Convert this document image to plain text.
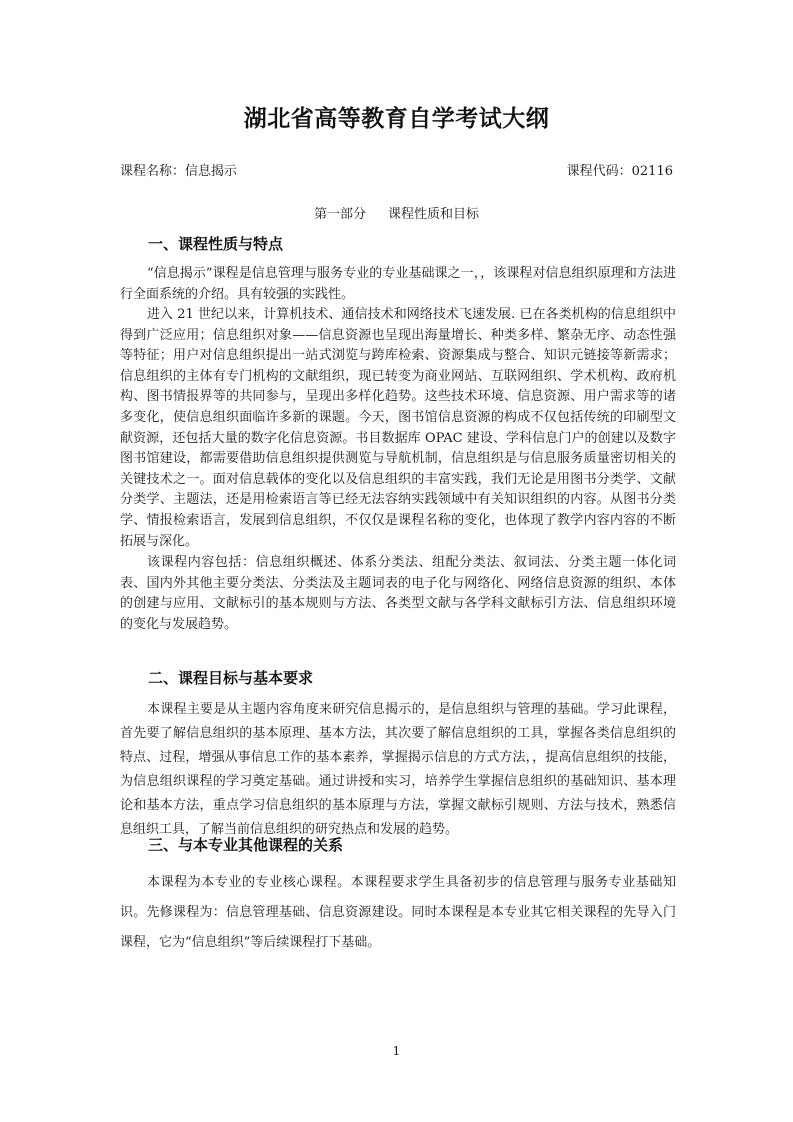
湖北省高等教育自学考试大纲
课程名称：信息揭示	课程代码：02116
第一部分 课程性质和目标
一、课程性质与特点

“信息揭示”课程是信息管理与服务专业的专业基础课之一，，该课程对信息组织原理和方法进行全面系统的介绍。具有较强的实践性。

进入 21 世纪以来，计算机技术、通信技术和网络技术飞速发展. 已在各类机构的信息组织中得到广泛应用；信息组织对象——信息资源也呈现出海量增长、种类多样、繁杂无序、动态性强等特征；用户对信息组织提出一站式浏览与跨库检索、资源集成与整合、知识元链接等新需求；信息组织的主体有专门机构的文献组织，现已转变为商业网站、互联网组织、学术机构、政府机构、图书情报界等的共同参与，呈现出多样化趋势。这些技术环境、信息资源、用户需求等的诸多变化，使信息组织面临许多新的课题。今天，图书馆信息资源的构成不仅包括传统的印刷型文献资源，还包括大量的数字化信息资源。书目数据库 OPAC 建设、学科信息门户的创建以及数字图书馆建设，都需要借助信息组织提供测览与导航机制，信息组织是与信息服务质量密切相关的关键技术之一。面对信息载体的变化以及信息组织的丰富实践，我们无论是用图书分类学、文献分类学、主题法，还是用检索语言等已经无法容纳实践领域中有关知识组织的内容。从图书分类学、情报检索语言，发展到信息组织，不仅仅是课程名称的变化，也体现了教学内容内容的不断拓展与深化。

该课程内容包括：信息组织概述、体系分类法、组配分类法、叙词法、分类主题一体化词表、国内外其他主要分类法、分类法及主题词表的电子化与网络化、网络信息资源的组织、本体的创建与应用、文献标引的基本规则与方法、各类型文献与各学科文献标引方法、信息组织环境的变化与发展趋势。

二、课程目标与基本要求

本课程主要是从主题内容角度来研究信息揭示的，是信息组织与管理的基础。学习此课程，首先要了解信息组织的基本原理、基本方法，其次要了解信息组织的工具，掌握各类信息组织的特点、过程，增强从事信息工作的基本素养，掌握揭示信息的方式方法，，提高信息组织的技能，为信息组织课程的学习奠定基础。通过讲授和实习，培养学生掌握信息组织的基础知识、基本理论和基本方法，重点学习信息组织的基本原理与方法，掌握文献标引规则、方法与技术，熟悉信息组织工具，了解当前信息组织的研究热点和发展的趋势。

三、与本专业其他课程的关系

本课程为本专业的专业核心课程。本课程要求学生具备初步的信息管理与服务专业基础知识。先修课程为：信息管理基础、信息资源建设。同时本课程是本专业其它相关课程的先导入门课程，它为“信息组织”等后续课程打下基础。

1
